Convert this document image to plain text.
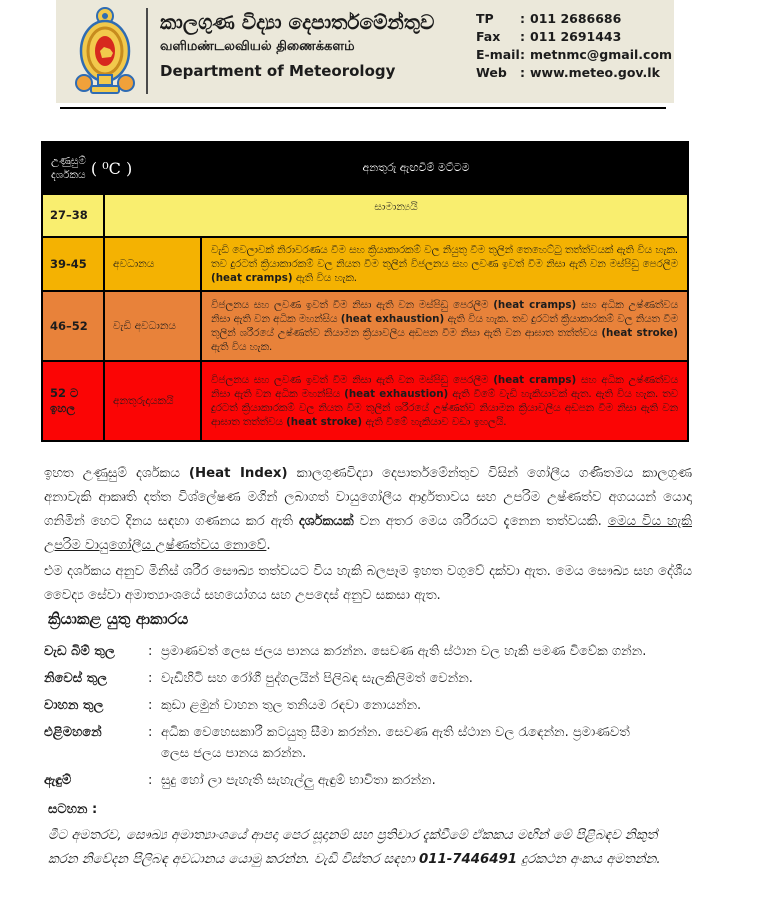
කාලගුණ විද්‍යා දෙපාර්තමේන්තුව
வளிமண்டலவியல் திணைக்களம்
Department of Meteorology
TP	: 011 2686686
Fax	: 011 2691443
E-mail : metnmc@gmail.com
Web	: www.meteo.gov.lk
උණුසුම්
දර්ශකය ( ⁰C )	අනතුරු ඇඟවීම් මට්ටම
27–38
සාමාන්‍යයි
39-45	අවධානය
වැඩි වෙලාවක් නිරාවරණය වීම සහ ක්‍රියාකාරකම් වල නියුතු වීම තුලින් තෙහෙට්ටු තත්ත්වයක් ඇති විය හැක. තව දුරටත් ක්‍රියාකාරකම් වල නියත වීම තුලින් විජලනය සහ ලවණ ඉවත් වීම නිසා ඇති වන මස්පිඩු පෙරලීම (heat cramps) ඇති විය හැක.
46–52	වැඩි අවධානය
විජලනය සහ ලවණ ඉවත් වීම නිසා ඇති වන මස්පිඩු පෙරලීම (heat cramps) සහ අධික උෂ්ණත්වය නිසා ඇති වන අධික මහන්සිය (heat exhaustion) ඇති විය හැක. තව දුරටත් ක්‍රියාකාරකම් වල නියත වීම තුලින් ශරීරයේ උෂ්ණත්ව නියාමන ක්‍රියාවලිය අඩපන වීම නිසා ඇති වන ආඝාත තත්ත්වය (heat stroke) ඇති විය හැක.
52 ට ඉහල	අනතුරුදායකයි
විජලනය සහ ලවණ ඉවත් වීම නිසා ඇති වන මස්පිඩු පෙරලීම (heat cramps) සහ අධික උෂ්ණත්වය නිසා ඇති වන අධික මහන්සිය (heat exhaustion) ඇති වීමේ වැඩි හැකියාවක් ඇත. ඇති විය හැක. තව දුරටත් ක්‍රියාකාරකම් වල නියත වීම තුලින් ශරීරයේ උෂ්ණත්ව නියාමන ක්‍රියාවලිය අඩපන වීම නිසා ඇති වන ආඝාත තත්ත්වය (heat stroke) ඇති වීමේ හැකියාව වඩා ඉහලයි.
ඉහත උණුසුම් දර්ශකය (Heat Index) කාලගුණවිද්‍යා දෙපාර්තමේන්තුව විසින් ගෝලීය ගණිතමය කාලගුණ අනාවැකි ආකෘති දත්ත විශ්ලේෂණ මගින් ලබාගත් වායුගෝලීය ආර්ද්‍රතාවය සහ උපරිම උෂ්ණත්ව අගයයන් යොදා ගනිමින් හෙට දිනය සඳහා ගණනය කර ඇති දර්ශකයක් වන අතර මෙය ශරීරයට දැනෙන තත්වයකි. මෙය විය හැකි උපරිම වායුගෝලීය උෂ්ණත්වය නොවේ.
එම දර්ශකය අනුව මිනිස් ශරීර සෞඛ්‍ය තත්වයට විය හැකි බලපෑම ඉහත වගුවේ දක්වා ඇත. මෙය සෞඛ්‍ය සහ දේශීය වෛද්‍ය සේවා අමාත්‍යාංශයේ සහයෝගය සහ උපදෙස් අනුව සකසා ඇත.
ක්‍රියාකළ යුතු ආකාරය
වැඩ බිම් තුල	: ප්‍රමාණවත් ලෙස ජලය පානය කරන්න. සෙවණ ඇති ස්ථාන වල හැකි පමණ විවේක ගන්න.
නිවෙස් තුල	: වැඩිහිටි සහ රෝගී පුද්ගලයින් පිලිබඳ සැලකිලිමත් වෙන්න.
වාහන තුල	: කුඩා ළමුන් වාහන තුල තනියම රඳවා නොයන්න.
එළිමහනේ	: අධික වෙහෙසකාරී කටයුතු සීමා කරන්න. සෙවණ ඇති ස්ථාන වල රැඳෙන්න. ප්‍රමාණවත් ලෙස ජලය පානය කරන්න.
ඇඳුම්	: සුදු හෝ ලා පැහැති සැහැල්ලු ඇඳුම් භාවිතා කරන්න.
සටහන :
මීට අමතරව, සෞඛ්‍ය අමාත්‍යාංශයේ ආපදා පෙර සූදානම් සහ ප්‍රතිචාර දැක්වීමේ ඒකකය මඟින් මේ පිළිබඳව නිකුත් කරන නිවේදන පිලිබඳ අවධානය යොමු කරන්න. වැඩි විස්තර සඳහා 011-7446491 දුරකථන අංකය අමතන්න.
